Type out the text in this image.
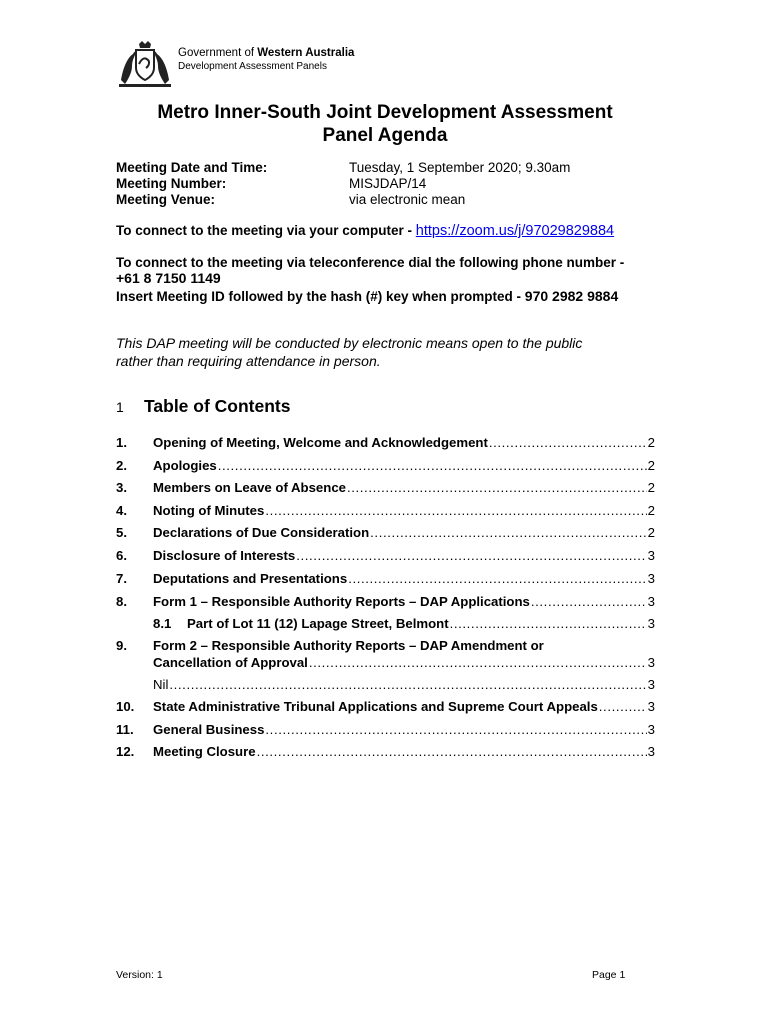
Government of Western Australia
Development Assessment Panels
Metro Inner-South Joint Development Assessment
Panel Agenda
Meeting Date and Time:	Tuesday, 1 September 2020; 9.30am
Meeting Number:	MISJDAP/14
Meeting Venue:	via electronic mean
To connect to the meeting via your computer - https://zoom.us/j/97029829884
To connect to the meeting via teleconference dial the following phone number -
+61 8 7150 1149
Insert Meeting ID followed by the hash (#) key when prompted - 970 2982 9884
This DAP meeting will be conducted by electronic means open to the public
rather than requiring attendance in person.
1 Table of Contents
1.	Opening of Meeting, Welcome and Acknowledgement .....	2
2.	Apologies .....	2
3.	Members on Leave of Absence .....	2
4.	Noting of Minutes .....	2
5.	Declarations of Due Consideration .....	2
6.	Disclosure of Interests .....	3
7.	Deputations and Presentations .....	3
8.	Form 1 – Responsible Authority Reports – DAP Applications .....	3
8.1	Part of Lot 11 (12) Lapage Street, Belmont .....	3
9.	Form 2 – Responsible Authority Reports – DAP Amendment or
Cancellation of Approval .....	3
Nil .....	3
10.	State Administrative Tribunal Applications and Supreme Court Appeals .....	3
11.	General Business .....	3
12.	Meeting Closure .....	3
Version: 1	Page 1
